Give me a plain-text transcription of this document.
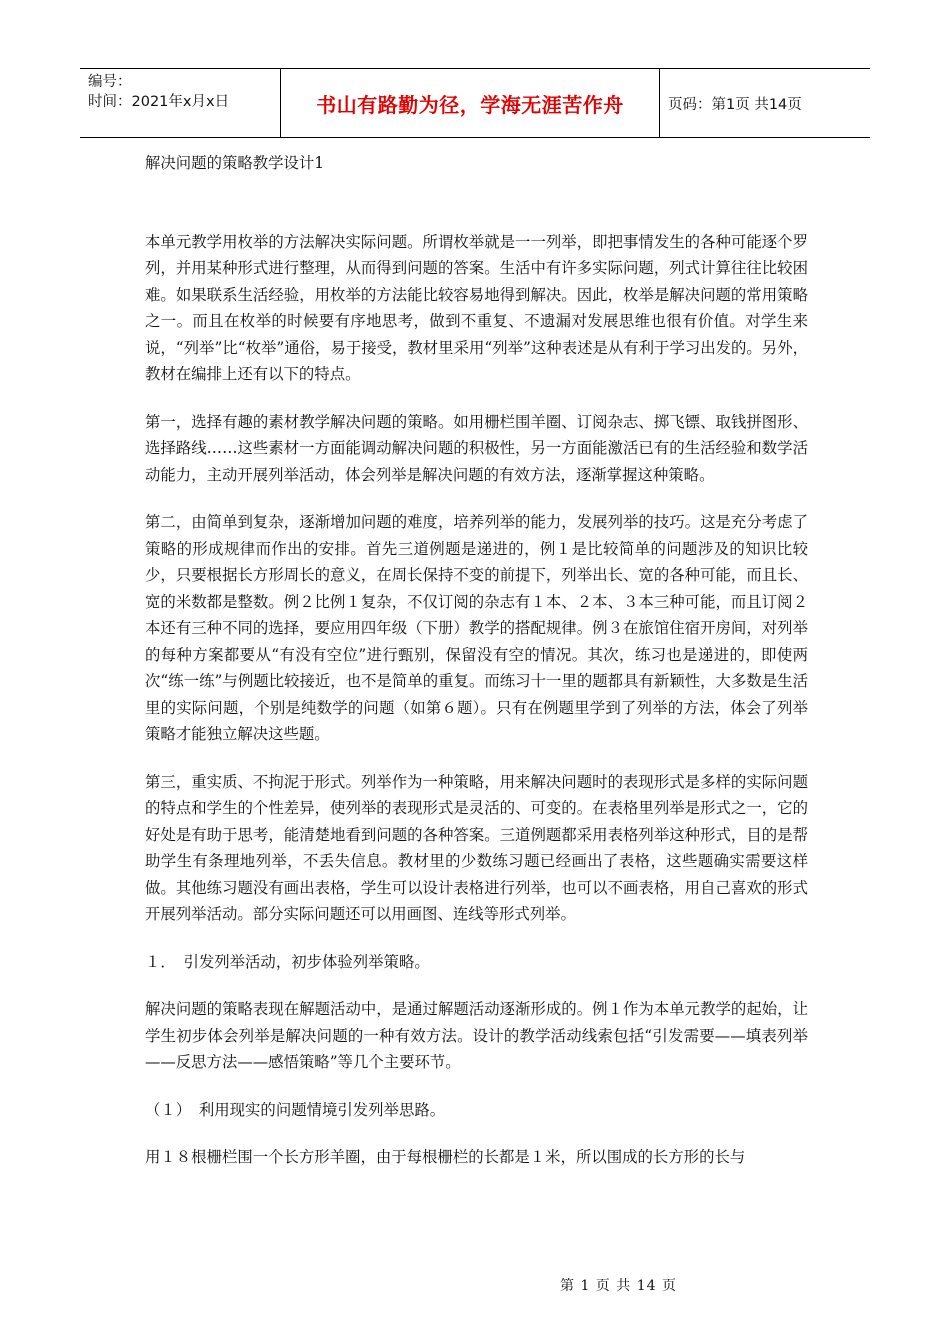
编号：
时间：2021年x月x日	书山有路勤为径，学海无涯苦作舟	页码：第1页 共14页
解决问题的策略教学设计1

本单元教学用枚举的方法解决实际问题。所谓枚举就是一一列举，即把事情发生的各种可能逐个罗列，并用某种形式进行整理，从而得到问题的答案。生活中有许多实际问题，列式计算往往比较困难。如果联系生活经验，用枚举的方法能比较容易地得到解决。因此，枚举是解决问题的常用策略之一。而且在枚举的时候要有序地思考，做到不重复、不遗漏对发展思维也很有价值。对学生来说，“列举”比“枚举”通俗，易于接受，教材里采用“列举”这种表述是从有利于学习出发的。另外，教材在编排上还有以下的特点。

第一，选择有趣的素材教学解决问题的策略。如用栅栏围羊圈、订阅杂志、掷飞镖、取钱拼图形、选择路线……这些素材一方面能调动解决问题的积极性，另一方面能激活已有的生活经验和数学活动能力，主动开展列举活动，体会列举是解决问题的有效方法，逐渐掌握这种策略。

第二，由简单到复杂，逐渐增加问题的难度，培养列举的能力，发展列举的技巧。这是充分考虑了策略的形成规律而作出的安排。首先三道例题是递进的，例１是比较简单的问题涉及的知识比较少，只要根据长方形周长的意义，在周长保持不变的前提下，列举出长、宽的各种可能，而且长、宽的米数都是整数。例２比例１复杂，不仅订阅的杂志有１本、２本、３本三种可能，而且订阅２本还有三种不同的选择，要应用四年级（下册）教学的搭配规律。例３在旅馆住宿开房间，对列举的每种方案都要从“有没有空位”进行甄别，保留没有空的情况。其次，练习也是递进的，即使两次“练一练”与例题比较接近，也不是简单的重复。而练习十一里的题都具有新颖性，大多数是生活里的实际问题，个别是纯数学的问题（如第６题）。只有在例题里学到了列举的方法，体会了列举策略才能独立解决这些题。

第三，重实质、不拘泥于形式。列举作为一种策略，用来解决问题时的表现形式是多样的实际问题的特点和学生的个性差异，使列举的表现形式是灵活的、可变的。在表格里列举是形式之一，它的好处是有助于思考，能清楚地看到问题的各种答案。三道例题都采用表格列举这种形式，目的是帮助学生有条理地列举，不丢失信息。教材里的少数练习题已经画出了表格，这些题确实需要这样做。其他练习题没有画出表格，学生可以设计表格进行列举，也可以不画表格，用自己喜欢的形式开展列举活动。部分实际问题还可以用画图、连线等形式列举。

１．　引发列举活动，初步体验列举策略。

解决问题的策略表现在解题活动中，是通过解题活动逐渐形成的。例１作为本单元教学的起始，让学生初步体会列举是解决问题的一种有效方法。设计的教学活动线索包括“引发需要——填表列举——反思方法——感悟策略”等几个主要环节。

（１）　利用现实的问题情境引发列举思路。

用１８根栅栏围一个长方形羊圈，由于每根栅栏的长都是１米，所以围成的长方形的长与

第 1 页 共 14 页
